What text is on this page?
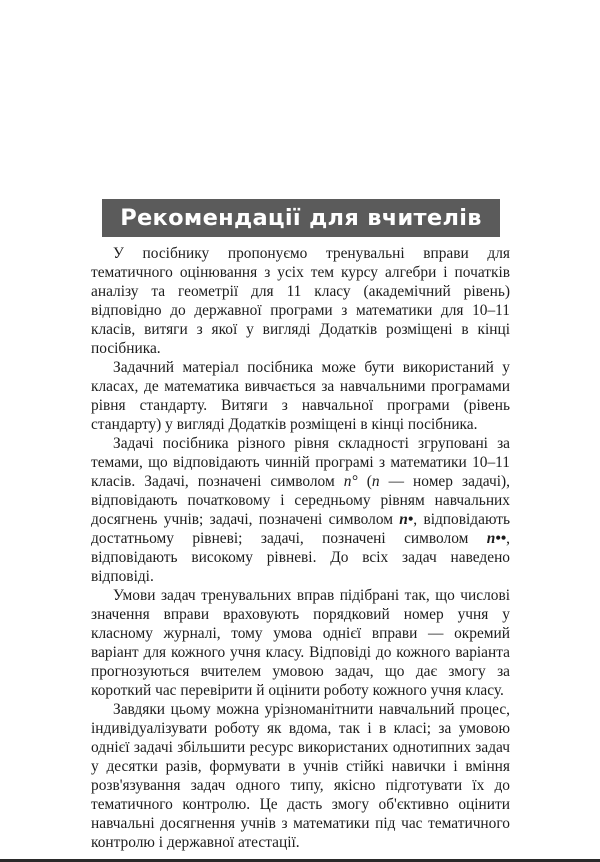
Рекомендації для вчителів

У посібнику пропонуємо тренувальні вправи для тематичного оцінювання з усіх тем курсу алгебри і початків аналізу та геометрії для 11 класу (академічний рівень) відповідно до державної програми з математики для 10–11 класів, витяги з якої у вигляді Додатків розміщені в кінці посібника.

Задачний матеріал посібника може бути використаний у класах, де математика вивчається за навчальними програмами рівня стандарту. Витяги з навчальної програми (рівень стандарту) у вигляді Додатків розміщені в кінці посібника.

Задачі посібника різного рівня складності згруповані за темами, що відповідають чинній програмі з математики 10–11 класів. Задачі, позначені символом n° (n — номер задачі), відповідають початковому і середньому рівням навчальних досягнень учнів; задачі, позначені символом n•, відповідають достатньому рівневі; задачі, позначені символом n••, відповідають високому рівневі. До всіх задач наведено відповіді.

Умови задач тренувальних вправ підібрані так, що числові значення вправи враховують порядковий номер учня у класному журналі, тому умова однієї вправи — окремий варіант для кожного учня класу. Відповіді до кожного варіанта прогнозуються вчителем умовою задач, що дає змогу за короткий час перевірити й оцінити роботу кожного учня класу.

Завдяки цьому можна урізноманітнити навчальний процес, індивідуалізувати роботу як вдома, так і в класі; за умовою однієї задачі збільшити ресурс використаних однотипних задач у десятки разів, формувати в учнів стійкі навички і вміння розв'язування задач одного типу, якісно підготувати їх до тематичного контролю. Це дасть змогу об'єктивно оцінити навчальні досягнення учнів з математики під час тематичного контролю і державної атестації.
